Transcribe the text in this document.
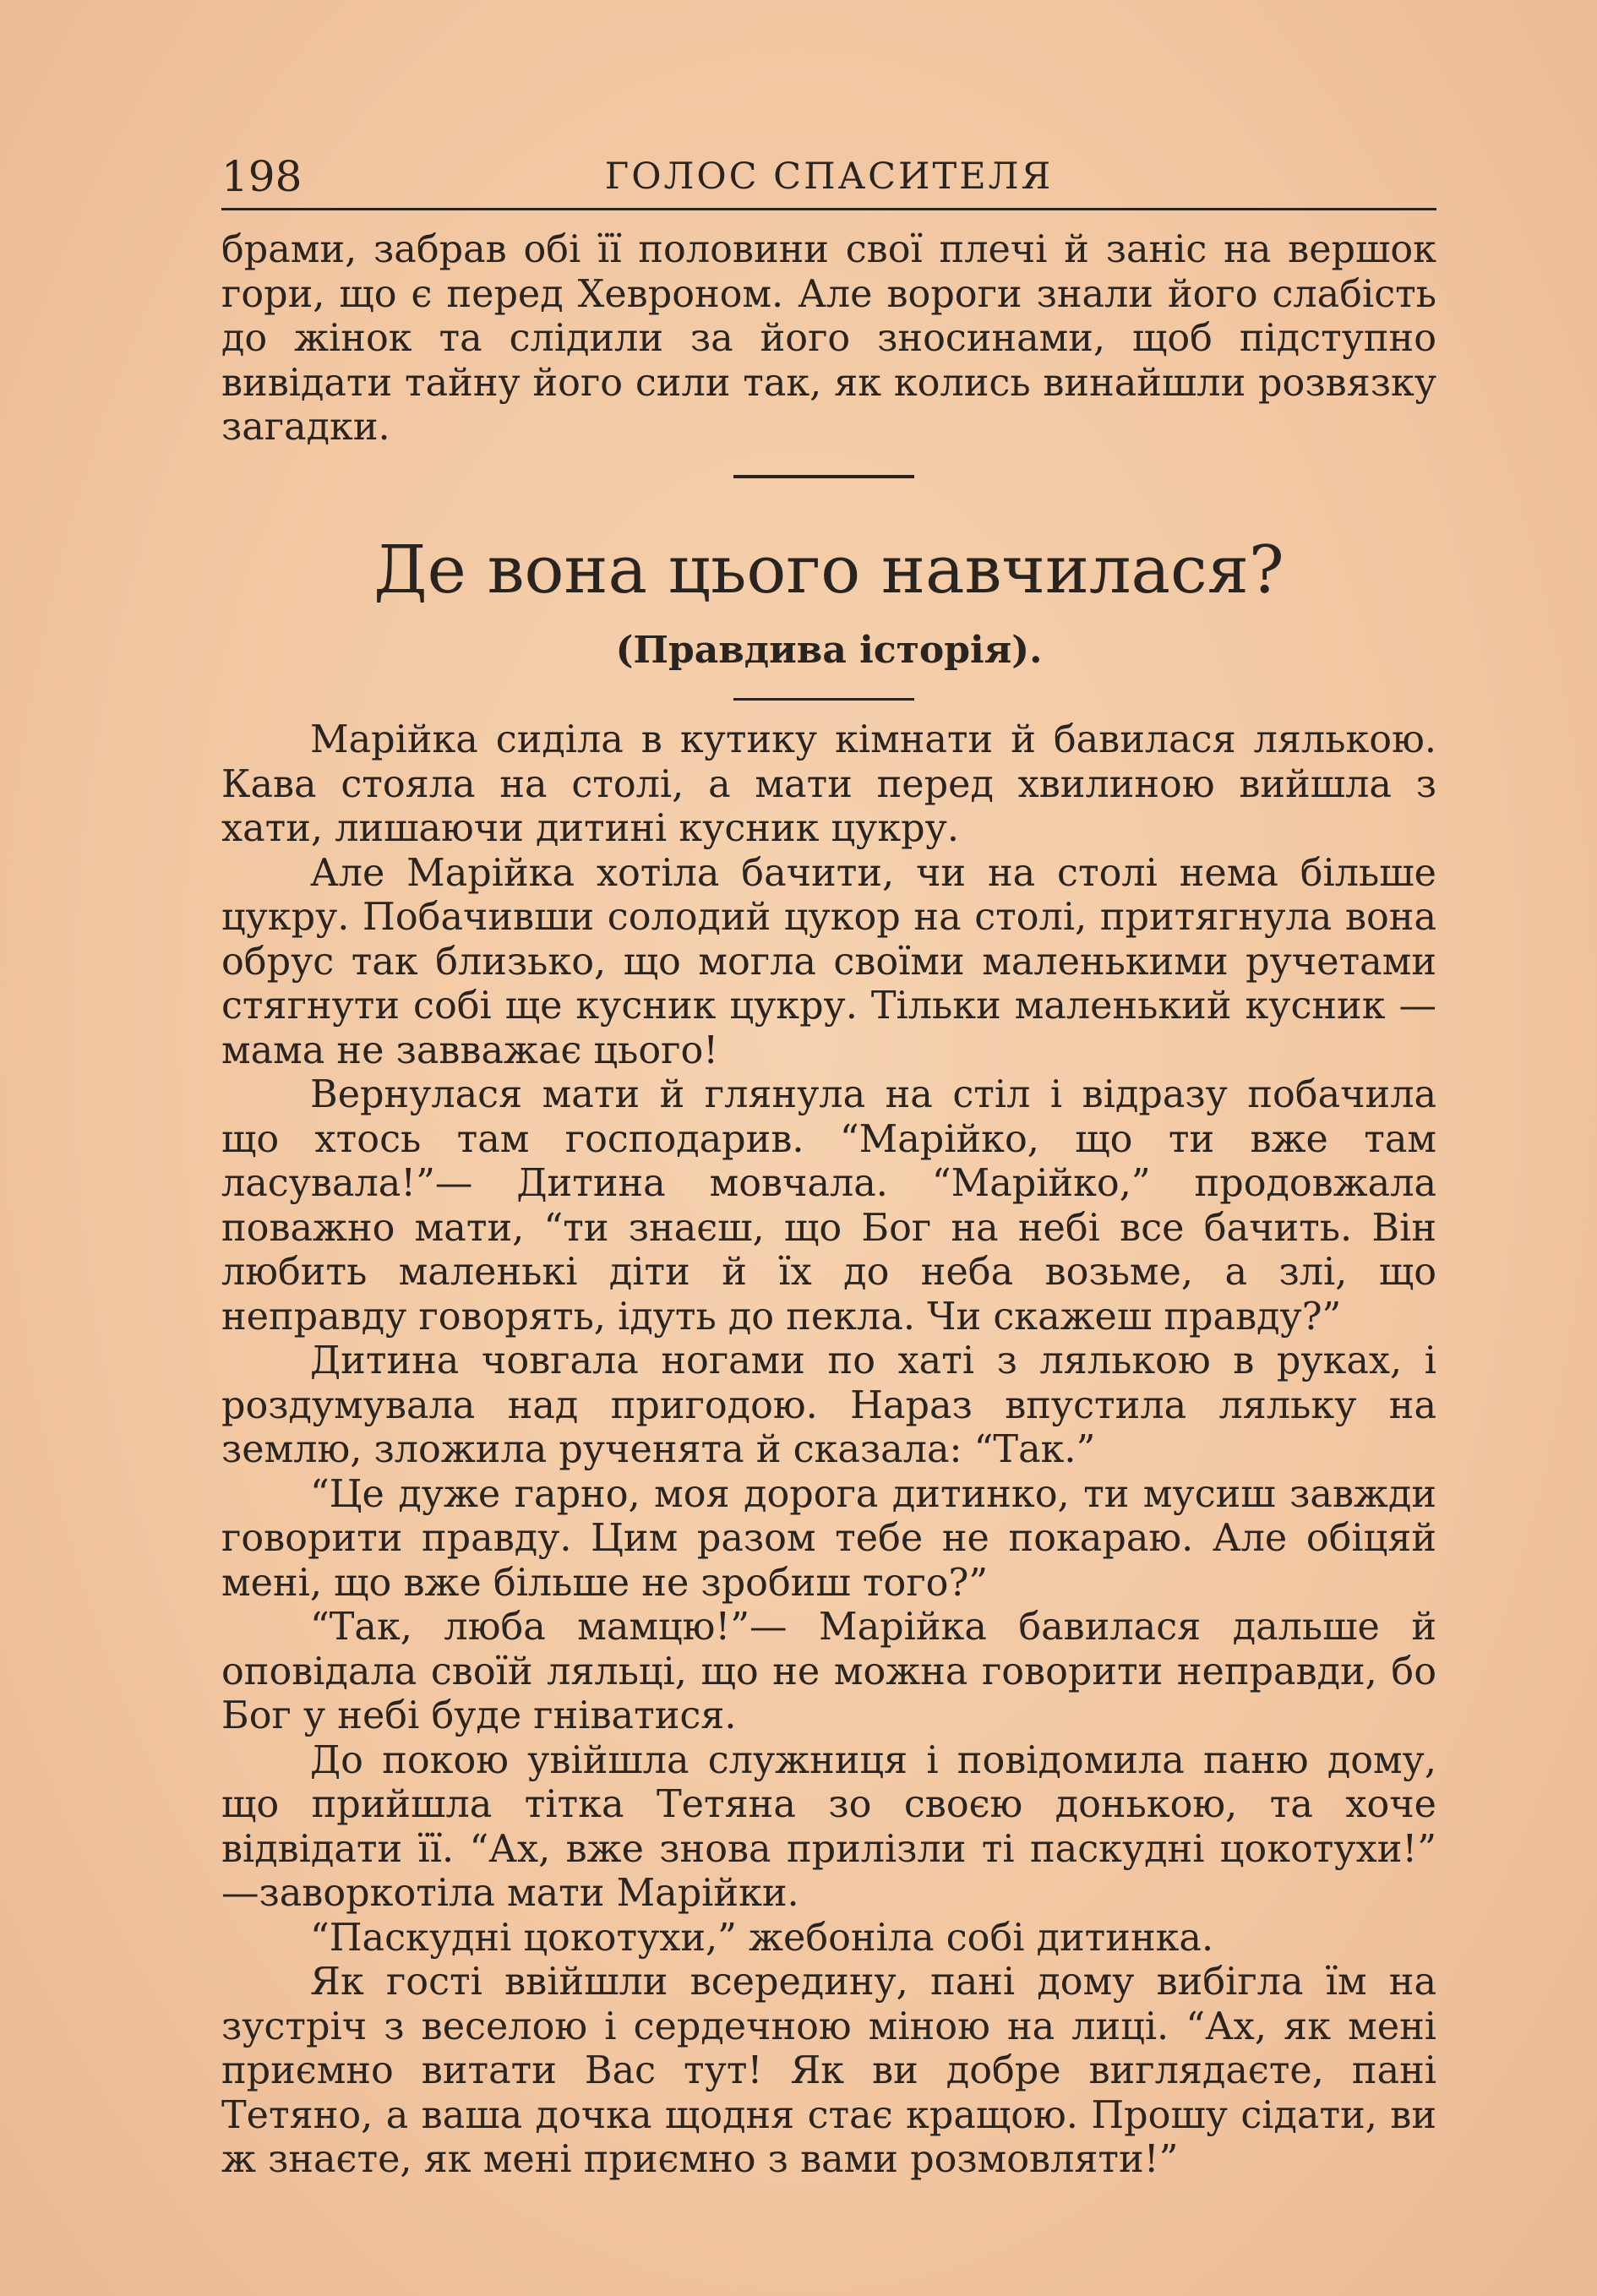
198	ГОЛОС СПАСИТЕЛЯ

брами, забрав обі її половини свої плечі й заніс на вершок гори, що є перед Хевроном. Але вороги знали його слабість до жінок та слідили за його зносинами, щоб підступно вивідати тайну його сили так, як колись винайшли розвязку загадки.

Де вона цього навчилася?
(Правдива історія).

Марійка сиділа в кутику кімнати й бавилася лялькою. Кава стояла на столі, а мати перед хвилиною вийшла з хати, лишаючи дитині кусник цукру.

Але Марійка хотіла бачити, чи на столі нема більше цукру. Побачивши солодий цукор на столі, притягнула вона обрус так близько, що могла своїми маленькими ручетами стягнути собі ще кусник цукру. Тільки маленький кусник —мама не завважає цього!

Вернулася мати й глянула на стіл і відразу побачила що хтось там господарив. “Марійко, що ти вже там ласувала!”— Дитина мовчала. “Марійко,” продовжала поважно мати, “ти знаєш, що Бог на небі все бачить. Він любить маленькі діти й їх до неба возьме, а злі, що неправду говорять, ідуть до пекла. Чи скажеш правду?”

Дитина човгала ногами по хаті з лялькою в руках, і роздумувала над пригодою. Нараз впустила ляльку на землю, зложила рученята й сказала: “Так.”

“Це дуже гарно, моя дорога дитинко, ти мусиш завжди говорити правду. Цим разом тебе не покараю. Але обіцяй мені, що вже більше не зробиш того?”

“Так, люба мамцю!”— Марійка бавилася дальше й оповідала своїй ляльці, що не можна говорити неправди, бо Бог у небі буде гніватися.

До покою увійшла служниця і повідомила паню дому, що прийшла тітка Тетяна зо своєю донькою, та хоче відвідати її. “Ах, вже знова прилізли ті паскудні цокотухи!” —заворкотіла мати Марійки.

“Паскудні цокотухи,” жебоніла собі дитинка.

Як гості ввійшли всередину, пані дому вибігла їм на зустріч з веселою і сердечною міною на лиці. “Ах, як мені приємно витати Вас тут! Як ви добре виглядаєте, пані Тетяно, а ваша дочка щодня стає кращою. Прошу сідати, ви ж знаєте, як мені приємно з вами розмовляти!”
